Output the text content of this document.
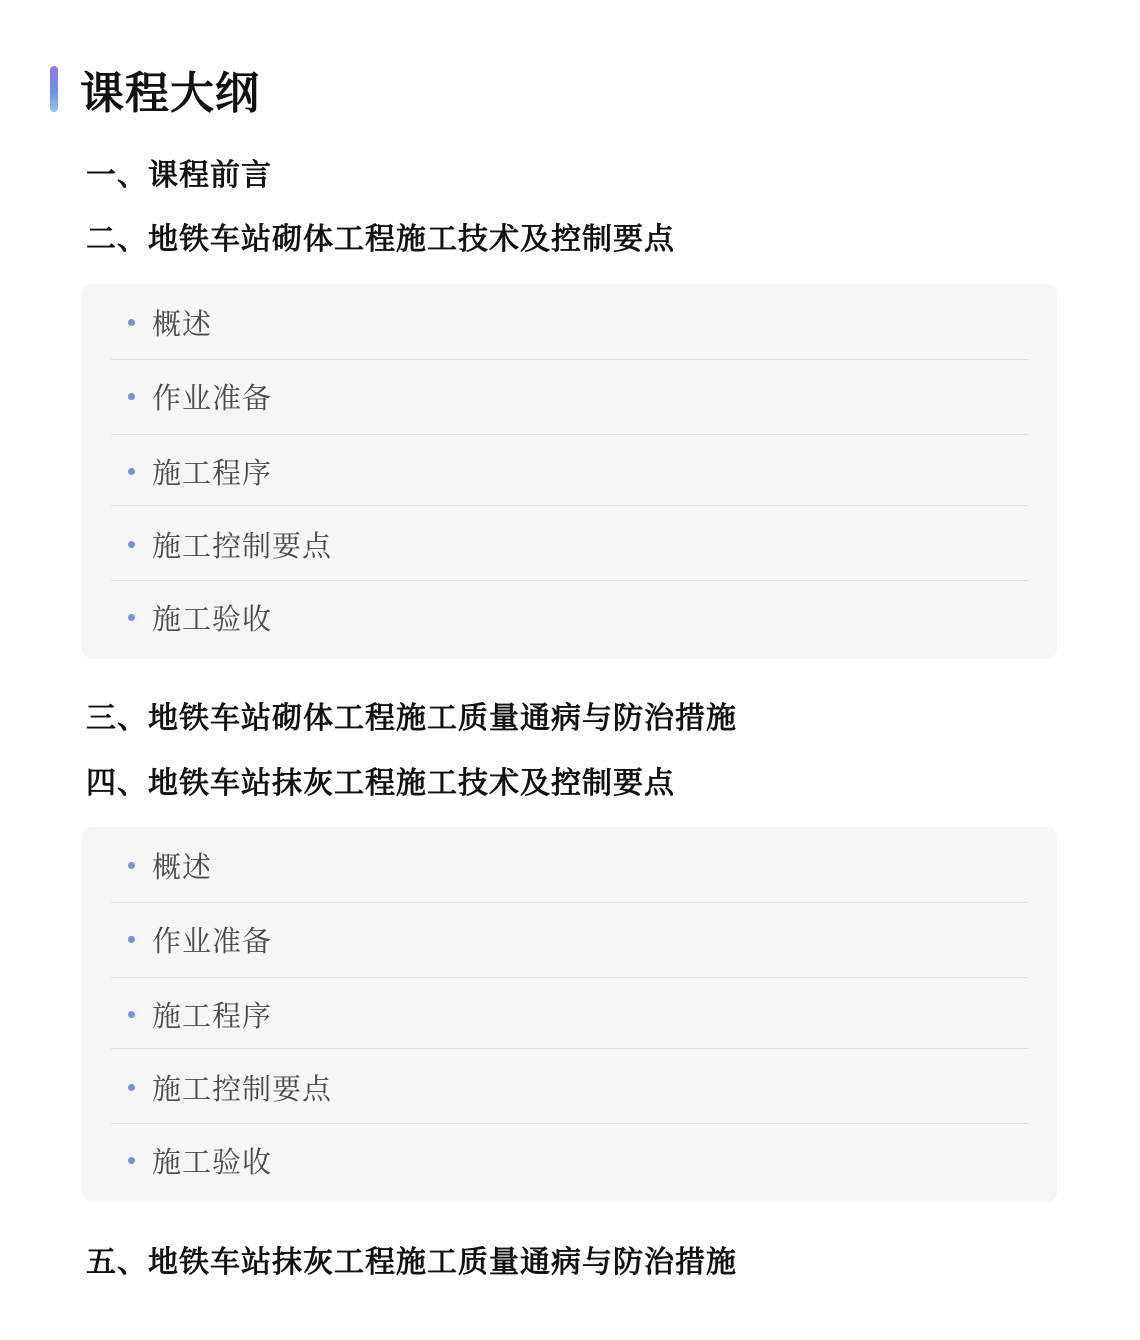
课程大纲
一、课程前言
二、地铁车站砌体工程施工技术及控制要点
概述
作业准备
施工程序
施工控制要点
施工验收
三、地铁车站砌体工程施工质量通病与防治措施
四、地铁车站抹灰工程施工技术及控制要点
概述
作业准备
施工程序
施工控制要点
施工验收
五、地铁车站抹灰工程施工质量通病与防治措施
